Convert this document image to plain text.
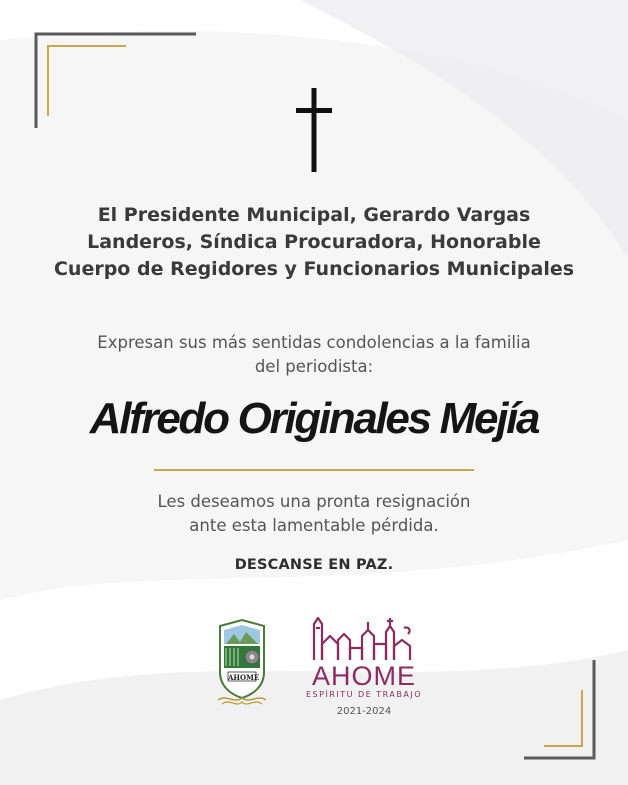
El Presidente Municipal, Gerardo Vargas
Landeros, Síndica Procuradora, Honorable
Cuerpo de Regidores y Funcionarios Municipales
Expresan sus más sentidas condolencias a la familia
del periodista:
Alfredo Originales Mejía
Les deseamos una pronta resignación
ante esta lamentable pérdida.
DESCANSE EN PAZ.
AHOME AHOME
ESPÍRITU DE TRABAJO
2021-2024
